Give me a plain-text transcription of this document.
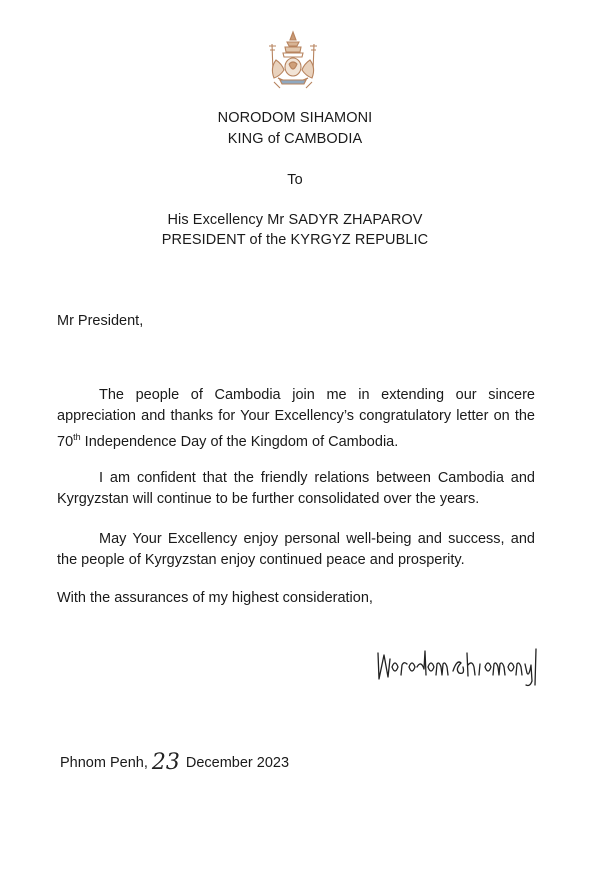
NORODOM SIHAMONI
KING of CAMBODIA
To
His Excellency Mr SADYR ZHAPAROV
PRESIDENT of the KYRGYZ REPUBLIC
Mr President,
The people of Cambodia join me in extending our sincere appreciation and thanks for Your Excellency’s congratulatory letter on the 70th Independence Day of the Kingdom of Cambodia.
I am confident that the friendly relations between Cambodia and Kyrgyzstan will continue to be further consolidated over the years.
May Your Excellency enjoy personal well-being and success, and the people of Kyrgyzstan enjoy continued peace and prosperity.
With the assurances of my highest consideration,
Phnom Penh, 23 December 2023
